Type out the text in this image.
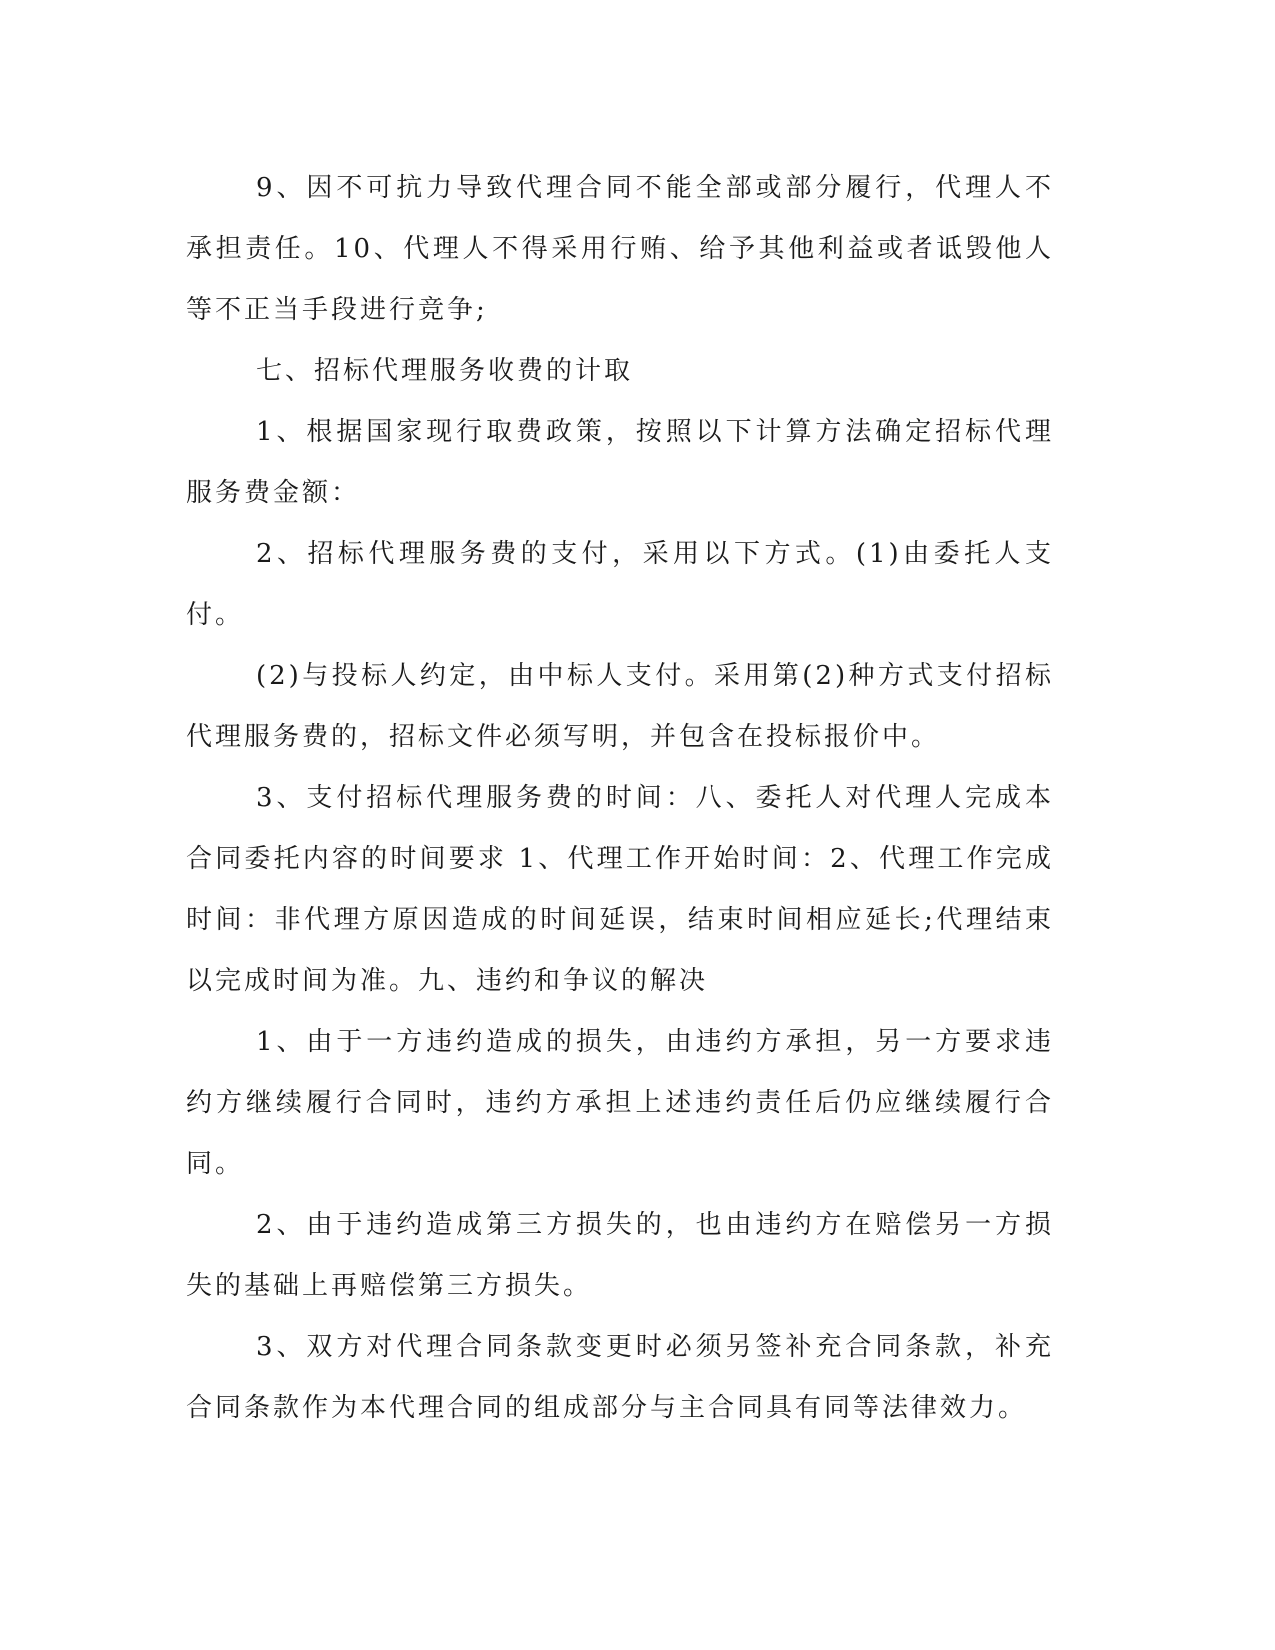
9、因不可抗力导致代理合同不能全部或部分履行，代理人不承担责任。10、代理人不得采用行贿、给予其他利益或者诋毁他人等不正当手段进行竞争;

七、招标代理服务收费的计取

1、根据国家现行取费政策，按照以下计算方法确定招标代理服务费金额：

2、招标代理服务费的支付，采用以下方式。(1)由委托人支付。

(2)与投标人约定，由中标人支付。采用第(2)种方式支付招标代理服务费的，招标文件必须写明，并包含在投标报价中。

3、支付招标代理服务费的时间：八、委托人对代理人完成本合同委托内容的时间要求 1、代理工作开始时间：2、代理工作完成时间：非代理方原因造成的时间延误，结束时间相应延长;代理结束以完成时间为准。九、违约和争议的解决

1、由于一方违约造成的损失，由违约方承担，另一方要求违约方继续履行合同时，违约方承担上述违约责任后仍应继续履行合同。

2、由于违约造成第三方损失的，也由违约方在赔偿另一方损失的基础上再赔偿第三方损失。

3、双方对代理合同条款变更时必须另签补充合同条款，补充合同条款作为本代理合同的组成部分与主合同具有同等法律效力。
